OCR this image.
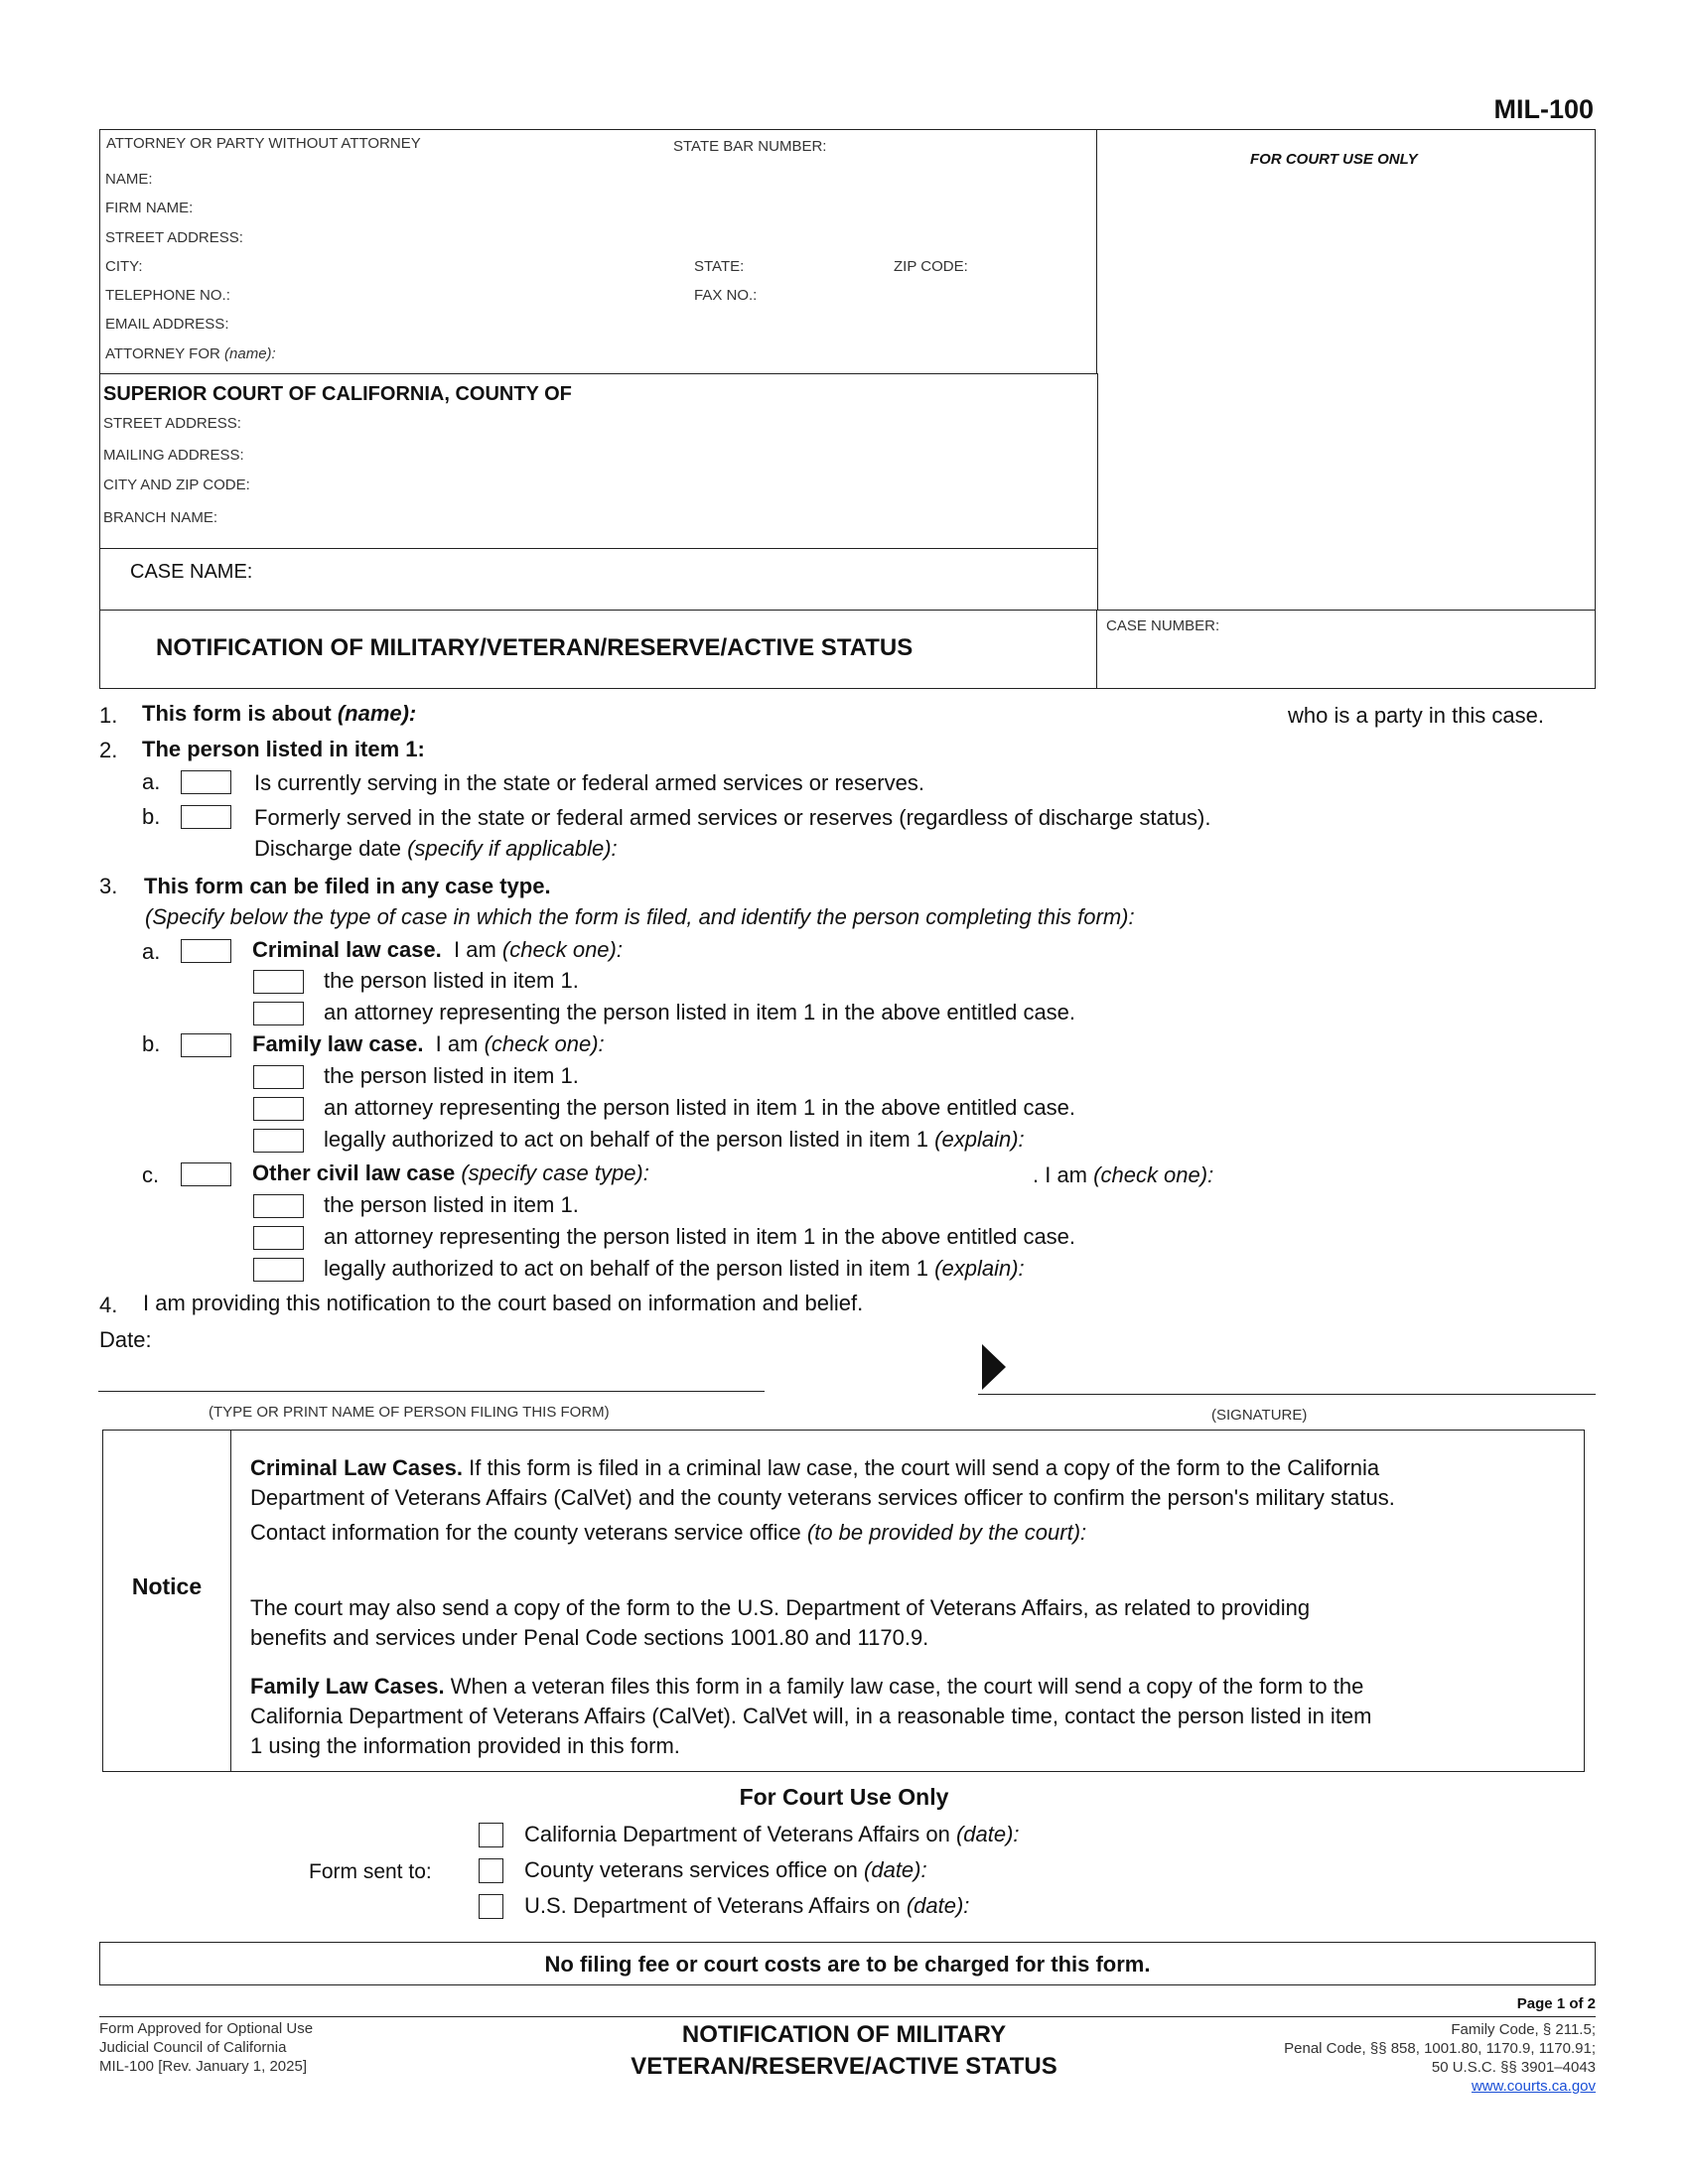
MIL-100
ATTORNEY OR PARTY WITHOUT ATTORNEY	STATE BAR NUMBER:
NAME:
FIRM NAME:
STREET ADDRESS:
CITY:	STATE:	ZIP CODE:
TELEPHONE NO.:	FAX NO.:
EMAIL ADDRESS:
ATTORNEY FOR (name):
FOR COURT USE ONLY
SUPERIOR COURT OF CALIFORNIA, COUNTY OF
STREET ADDRESS:
MAILING ADDRESS:
CITY AND ZIP CODE:
BRANCH NAME:
CASE NAME:
NOTIFICATION OF MILITARY/VETERAN/RESERVE/ACTIVE STATUS
CASE NUMBER:
1. This form is about (name):	who is a party in this case.
2. The person listed in item 1:
a.	Is currently serving in the state or federal armed services or reserves.
b.	Formerly served in the state or federal armed services or reserves (regardless of discharge status).
Discharge date (specify if applicable):
3. This form can be filed in any case type.
(Specify below the type of case in which the form is filed, and identify the person completing this form):
a.	Criminal law case. I am (check one):
the person listed in item 1.
an attorney representing the person listed in item 1 in the above entitled case.
b.	Family law case. I am (check one):
the person listed in item 1.
an attorney representing the person listed in item 1 in the above entitled case.
legally authorized to act on behalf of the person listed in item 1 (explain):
c.	Other civil law case (specify case type):	. I am (check one):
the person listed in item 1.
an attorney representing the person listed in item 1 in the above entitled case.
legally authorized to act on behalf of the person listed in item 1 (explain):
4. I am providing this notification to the court based on information and belief.
Date:
(TYPE OR PRINT NAME OF PERSON FILING THIS FORM)	(SIGNATURE)
Notice
Criminal Law Cases. If this form is filed in a criminal law case, the court will send a copy of the form to the California
Department of Veterans Affairs (CalVet) and the county veterans services officer to confirm the person's military status.
Contact information for the county veterans service office (to be provided by the court):
The court may also send a copy of the form to the U.S. Department of Veterans Affairs, as related to providing
benefits and services under Penal Code sections 1001.80 and 1170.9.
Family Law Cases. When a veteran files this form in a family law case, the court will send a copy of the form to the
California Department of Veterans Affairs (CalVet). CalVet will, in a reasonable time, contact the person listed in item
1 using the information provided in this form.
For Court Use Only
Form sent to:
California Department of Veterans Affairs on (date):
County veterans services office on (date):
U.S. Department of Veterans Affairs on (date):
No filing fee or court costs are to be charged for this form.
Page 1 of 2
Form Approved for Optional Use
Judicial Council of California
MIL-100 [Rev. January 1, 2025]
NOTIFICATION OF MILITARY
VETERAN/RESERVE/ACTIVE STATUS
Family Code, § 211.5;
Penal Code, §§ 858, 1001.80, 1170.9, 1170.91;
50 U.S.C. §§ 3901–4043
www.courts.ca.gov
